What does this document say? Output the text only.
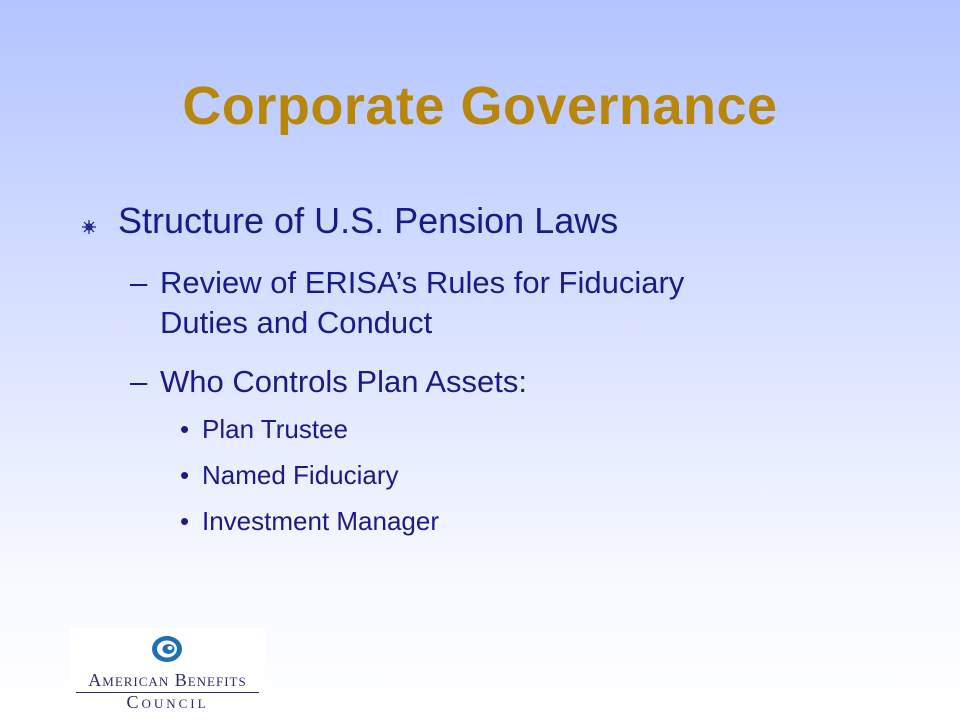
Corporate Governance
Structure of U.S. Pension Laws
– Review of ERISA’s Rules for Fiduciary
Duties and Conduct
– Who Controls Plan Assets:
• Plan Trustee
• Named Fiduciary
• Investment Manager
American Benefits
Council
